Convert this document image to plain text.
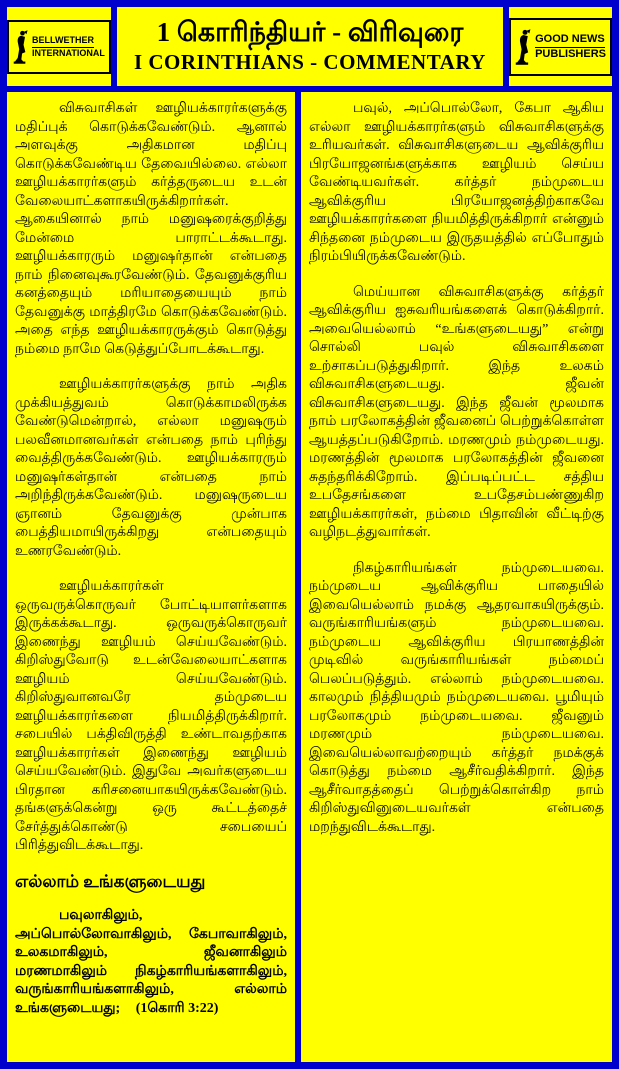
BELLWETHER
INTERNATIONAL
1 கொரிந்தியர் - விரிவுரை
I CORINTHIANS - COMMENTARY
GOOD NEWS
PUBLISHERS

விசுவாசிகள் ஊழியக்காரர்களுக்கு மதிப்புக் கொடுக்கவேண்டும். ஆனால் அளவுக்கு அதிகமான மதிப்பு கொடுக்கவேண்டிய தேவையில்லை. எல்லா ஊழியக்காரர்களும் கர்த்தருடைய உடன் வேலையாட்களாகயிருக்கிறார்கள். ஆகையினால் நாம் மனுஷரைக்குறித்து மேன்மை பாராட்டக்கூடாது. ஊழியக்காரரும் மனுஷர்தான் என்பதை நாம் நினைவுகூரவேண்டும். தேவனுக்குரிய கனத்தையும் மரியாதையையும் நாம் தேவனுக்கு மாத்திரமே கொடுக்கவேண்டும். அதை எந்த ஊழியக்காரருக்கும் கொடுத்து நம்மை நாமே கெடுத்துப்போடக்கூடாது.

ஊழியக்காரர்களுக்கு நாம் அதிக முக்கியத்துவம் கொடுக்காமலிருக்க வேண்டுமென்றால், எல்லா மனுஷரும் பலவீனமானவர்கள் என்பதை நாம் புரிந்து வைத்திருக்கவேண்டும். ஊழியக்காரரும் மனுஷர்கள்தான் என்பதை நாம் அறிந்திருக்கவேண்டும். மனுஷருடைய ஞானம் தேவனுக்கு முன்பாக பைத்தியமாயிருக்கிறது என்பதையும் உணரவேண்டும்.

ஊழியக்காரர்கள் ஒருவருக்கொருவர் போட்டியாளர்களாக இருக்கக்கூடாது. ஒருவருக்கொருவர் இணைந்து ஊழியம் செய்யவேண்டும். கிறிஸ்துவோடு உடன்வேலையாட்களாக ஊழியம் செய்யவேண்டும். கிறிஸ்துவானவரே தம்முடைய ஊழியக்காரர்களை நியமித்திருக்கிறார். சபையில் பக்திவிருத்தி உண்டாவதற்காக ஊழியக்காரர்கள் இணைந்து ஊழியம் செய்யவேண்டும். இதுவே அவர்களுடைய பிரதான கரிசனையாகயிருக்கவேண்டும். தங்களுக்கென்று ஒரு கூட்டத்தைச் சேர்த்துக்கொண்டு சபையைப் பிரித்துவிடக்கூடாது.

எல்லாம் உங்களுடையது

பவுலாகிலும், அப்பொல்லோவாகிலும், கேபாவாகிலும், உலகமாகிலும், ஜீவனாகிலும் மரணமாகிலும் நிகழ்காரியங்களாகிலும், வருங்காரியங்களாகிலும், எல்லாம் உங்களுடையது; (1கொரி 3:22)

பவுல், அப்பொல்லோ, கேபா ஆகிய எல்லா ஊழியக்காரர்களும் விசுவாசிகளுக்கு உரியவர்கள். விசுவாசிகளுடைய ஆவிக்குரிய பிரயோஜனங்களுக்காக ஊழியம் செய்ய வேண்டியவர்கள். கர்த்தர் நம்முடைய ஆவிக்குரிய பிரயோஜனத்திற்காகவே ஊழியக்காரர்களை நியமித்திருக்கிறார் என்னும் சிந்தனை நம்முடைய இருதயத்தில் எப்போதும் நிரம்பியிருக்கவேண்டும்.

மெய்யான விசுவாசிகளுக்கு கர்த்தர் ஆவிக்குரிய ஐசுவரியங்களைக் கொடுக்கிறார். அவையெல்லாம் “உங்களுடையது” என்று சொல்லி பவுல் விசுவாசிகளை உற்சாகப்படுத்துகிறார். இந்த உலகம் விசுவாசிகளுடையது. ஜீவன் விசுவாசிகளுடையது. இந்த ஜீவன் மூலமாக நாம் பரலோகத்தின் ஜீவனைப் பெற்றுக்கொள்ள ஆயத்தப்படுகிறோம். மரணமும் நம்முடையது. மரணத்தின் மூலமாக பரலோகத்தின் ஜீவனை சுதந்தரிக்கிறோம். இப்படிப்பட்ட சத்திய உபதேசங்களை உபதேசம்பண்ணுகிற ஊழியக்காரர்கள், நம்மை பிதாவின் வீட்டிற்கு வழிநடத்துவார்கள்.

நிகழ்காரியங்கள் நம்முடையவை. நம்முடைய ஆவிக்குரிய பாதையில் இவையெல்லாம் நமக்கு ஆதரவாகயிருக்கும். வருங்காரியங்களும் நம்முடையவை. நம்முடைய ஆவிக்குரிய பிரயாணத்தின் முடிவில் வருங்காரியங்கள் நம்மைப் பெலப்படுத்தும். எல்லாம் நம்முடையவை. காலமும் நித்தியமும் நம்முடையவை. பூமியும் பரலோகமும் நம்முடையவை. ஜீவனும் மரணமும் நம்முடையவை. இவையெல்லாவற்றையும் கர்த்தர் நமக்குக் கொடுத்து நம்மை ஆசீர்வதிக்கிறார். இந்த ஆசீர்வாதத்தைப் பெற்றுக்கொள்கிற நாம் கிறிஸ்துவினுடையவர்கள் என்பதை மறந்துவிடக்கூடாது.
